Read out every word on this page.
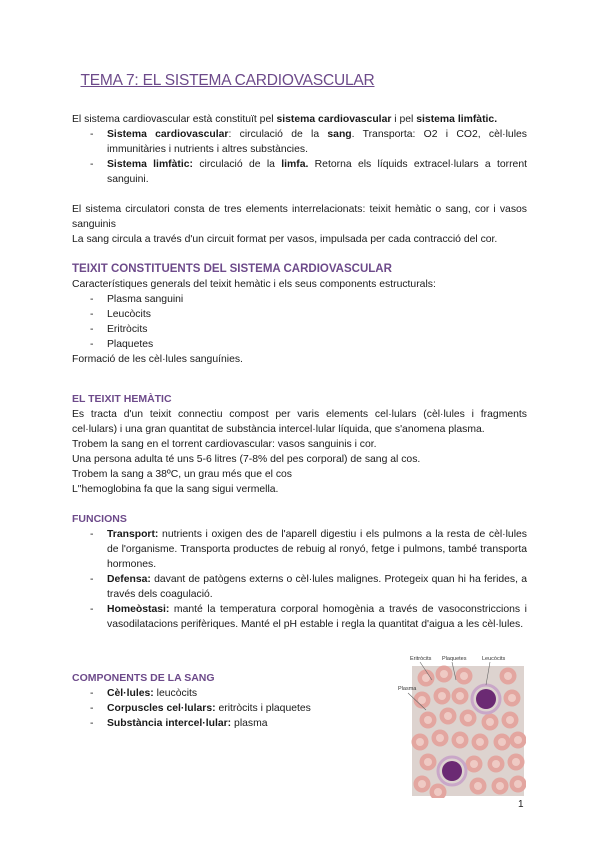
TEMA 7: EL SISTEMA CARDIOVASCULAR

El sistema cardiovascular està constituït pel sistema cardiovascular i pel sistema limfàtic.

- Sistema cardiovascular: circulació de la sang. Transporta: O2 i CO2, cèl·lules immunitàries i nutrients i altres substàncies.
- Sistema limfàtic: circulació de la limfa. Retorna els líquids extracel·lulars a torrent sanguini.

El sistema circulatori consta de tres elements interrelacionats: teixit hemàtic o sang, cor i vasos sanguinis

La sang circula a través d'un circuit format per vasos, impulsada per cada contracció del cor.

TEIXIT CONSTITUENTS DEL SISTEMA CARDIOVASCULAR

Característiques generals del teixit hemàtic i els seus components estructurals:

- Plasma sanguini
- Leucòcits
- Eritròcits
- Plaquetes

Formació de les cèl·lules sanguínies.

EL TEIXIT HEMÀTIC

Es tracta d'un teixit connectiu compost per varis elements cel·lulars (cèl·lules i fragments cel·lulars) i una gran quantitat de substància intercel·lular líquida, que s'anomena plasma.

Trobem la sang en el torrent cardiovascular: vasos sanguinis i cor.

Una persona adulta té uns 5-6 litres (7-8% del pes corporal) de sang al cos.

Trobem la sang a 38ºC, un grau més que el cos

L"hemoglobina fa que la sang sigui vermella.

FUNCIONS

- Transport: nutrients i oxigen des de l'aparell digestiu i els pulmons a la resta de cèl·lules de l'organisme. Transporta productes de rebuig al ronyó, fetge i pulmons, també transporta hormones.
- Defensa: davant de patògens externs o cèl·lules malignes. Protegeix quan hi ha ferides, a través dels coagulació.
- Homeòstasi: manté la temperatura corporal homogènia a través de vasoconstriccions i vasodilatacions perifèriques. Manté el pH estable i regla la quantitat d'aigua a les cèl·lules.

COMPONENTS DE LA SANG

- Cèl·lules: leucòcits
- Corpuscles cel·lulars: eritròcits i plaquetes
- Substància intercel·lular: plasma
Eritròcits Plaquetes	Leucòcits
Plasma
1
